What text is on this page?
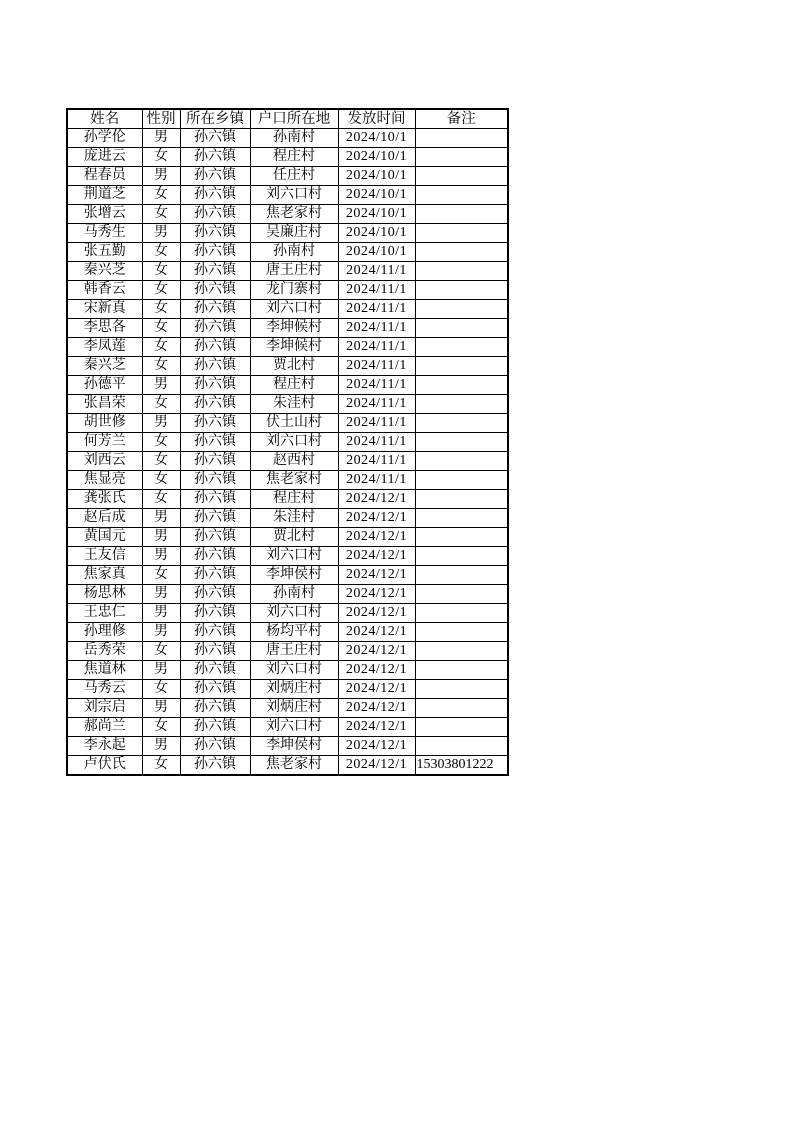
姓名	性别	所在乡镇	户口所在地	发放时间	备注
孙学伦	男	孙六镇	孙南村	2024/10/1	
庞进云	女	孙六镇	程庄村	2024/10/1	
程春员	男	孙六镇	任庄村	2024/10/1	
荆道芝	女	孙六镇	刘六口村	2024/10/1	
张增云	女	孙六镇	焦老家村	2024/10/1	
马秀生	男	孙六镇	吴廉庄村	2024/10/1	
张五勤	女	孙六镇	孙南村	2024/10/1	
秦兴芝	女	孙六镇	唐王庄村	2024/11/1	
韩香云	女	孙六镇	龙门寨村	2024/11/1	
宋新真	女	孙六镇	刘六口村	2024/11/1	
李思各	女	孙六镇	李坤候村	2024/11/1	
李凤莲	女	孙六镇	李坤候村	2024/11/1	
秦兴芝	女	孙六镇	贾北村	2024/11/1	
孙德平	男	孙六镇	程庄村	2024/11/1	
张昌荣	女	孙六镇	朱洼村	2024/11/1	
胡世修	男	孙六镇	伏土山村	2024/11/1	
何芳兰	女	孙六镇	刘六口村	2024/11/1	
刘西云	女	孙六镇	赵西村	2024/11/1	
焦显亮	女	孙六镇	焦老家村	2024/11/1	
龚张氏	女	孙六镇	程庄村	2024/12/1	
赵后成	男	孙六镇	朱洼村	2024/12/1	
黄国元	男	孙六镇	贾北村	2024/12/1	
王友信	男	孙六镇	刘六口村	2024/12/1	
焦家真	女	孙六镇	李坤侯村	2024/12/1	
杨思林	男	孙六镇	孙南村	2024/12/1	
王忠仁	男	孙六镇	刘六口村	2024/12/1	
孙理修	男	孙六镇	杨均平村	2024/12/1	
岳秀荣	女	孙六镇	唐王庄村	2024/12/1	
焦道林	男	孙六镇	刘六口村	2024/12/1	
马秀云	女	孙六镇	刘炳庄村	2024/12/1	
刘宗启	男	孙六镇	刘炳庄村	2024/12/1	
郝尚兰	女	孙六镇	刘六口村	2024/12/1	
李永起	男	孙六镇	李坤侯村	2024/12/1	
卢伏氏	女	孙六镇	焦老家村	2024/12/1	15303801222
